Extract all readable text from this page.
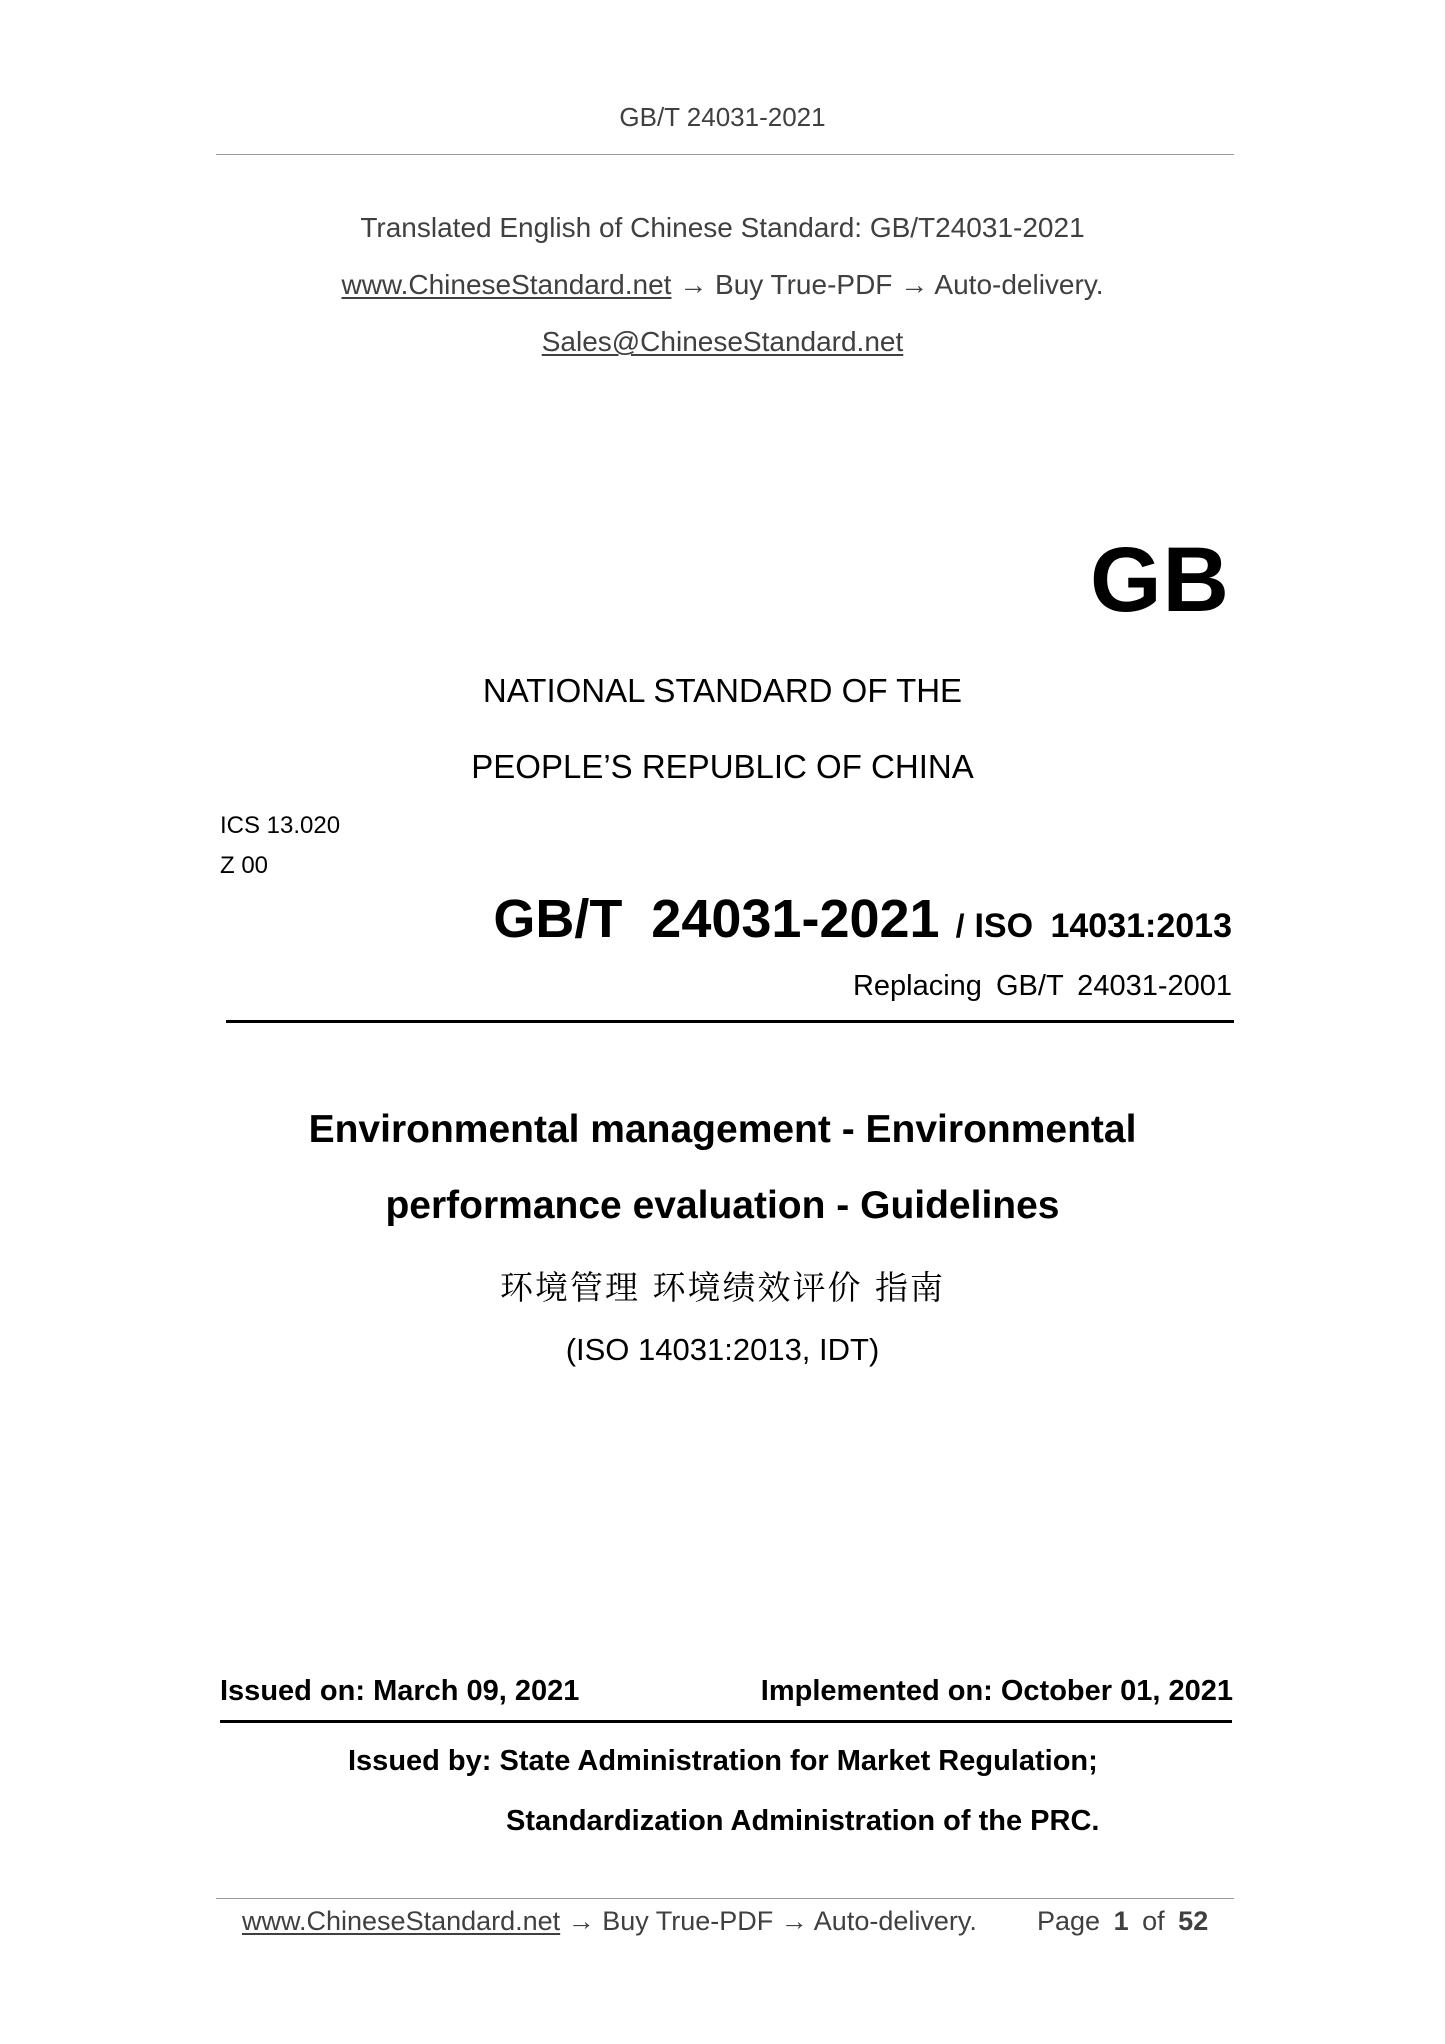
GB/T 24031-2021
Translated English of Chinese Standard: GB/T24031-2021
www.ChineseStandard.net → Buy True-PDF → Auto-delivery.
Sales@ChineseStandard.net
GB
NATIONAL STANDARD OF THE
PEOPLE’S REPUBLIC OF CHINA
ICS 13.020
Z 00
GB/T 24031-2021 / ISO 14031:2013
Replacing GB/T 24031-2001
Environmental management - Environmental
performance evaluation - Guidelines
环境管理 环境绩效评价 指南
(ISO 14031:2013, IDT)
Issued on: March 09, 2021	Implemented on: October 01, 2021
Issued by: State Administration for Market Regulation;
Standardization Administration of the PRC.
www.ChineseStandard.net → Buy True-PDF → Auto-delivery. Page 1 of 52
